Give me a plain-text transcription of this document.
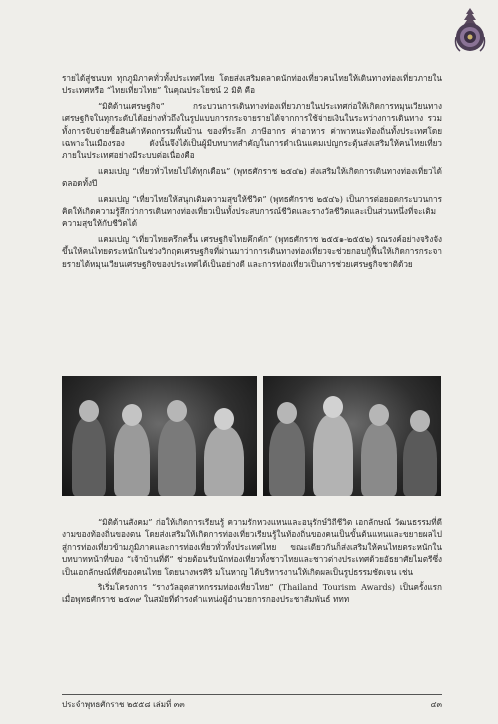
รายได้สู่ชนบท ทุกภูมิภาคทั่วทั้งประเทศไทย โดยส่งเสริมตลาดนักท่องเที่ยวคนไทยให้เดินทางท่องเที่ยวภายในประเทศหรือ “ไทยเที่ยวไทย” ในคุณประโยชน์ 2 มิติ คือ

“มิติด้านเศรษฐกิจ” กระบวนการเดินทางท่องเที่ยวภายในประเทศก่อให้เกิดการหมุนเวียนทางเศรษฐกิจในทุกระดับได้อย่างทั่วถึงในรูปแบบการกระจายรายได้จากการใช้จ่ายเงินในระหว่างการเดินทาง รวมทั้งการจับจ่ายซื้อสินค้าหัตถกรรมพื้นบ้าน ของที่ระลึก ภาษีอากร ค่าอาหาร ค่าพาหนะท้องถิ่นทั้งประเทศโดยเฉพาะในเมืองรอง ดังนั้นจึงได้เป็นผู้มีบทบาทสำคัญในการดำเนินแคมเปญกระตุ้นส่งเสริมให้คนไทยเที่ยวภายในประเทศอย่างมีระบบต่อเนื่องคือ

แคมเปญ “เที่ยวทั่วไทยไปได้ทุกเดือน” (พุทธศักราช ๒๕๔๒) ส่งเสริมให้เกิดการเดินทางท่องเที่ยวได้ตลอดทั้งปี

แคมเปญ “เที่ยวไทยให้สนุกเติมความสุขให้ชีวิต” (พุทธศักราช ๒๕๔๖) เป็นการต่อยอดกระบวนการคิดให้เกิดความรู้สึกว่าการเดินทางท่องเที่ยวเป็นทั้งประสบการณ์ชีวิตและรางวัลชีวิตและเป็นส่วนหนึ่งที่จะเติมความสุขให้กับชีวิตได้

แคมเปญ “เที่ยวไทยครึกครื้น เศรษฐกิจไทยคึกคัก” (พุทธศักราช ๒๕๕๑-๒๕๕๒) รณรงค์อย่างจริงจังขึ้นให้คนไทยตระหนักในช่วงวิกฤตเศรษฐกิจที่ผ่านมาว่าการเดินทางท่องเที่ยวจะช่วยกอบกู้ฟื้นให้เกิดการกระจายรายได้หมุนเวียนเศรษฐกิจของประเทศได้เป็นอย่างดี และการท่องเที่ยวเป็นการช่วยเศรษฐกิจชาติด้วย

“มิติด้านสังคม” ก่อให้เกิดการเรียนรู้ ความรักหวงแหนและอนุรักษ์วิถีชีวิต เอกลักษณ์ วัฒนธรรมที่ดีงามของท้องถิ่นของตน โดยส่งเสริมให้เกิดการท่องเที่ยวเรียนรู้ในท้องถิ่นของคนเป็นขั้นต้นแทนและขยายผลไปสู่การท่องเที่ยวข้ามภูมิภาคและการท่องเที่ยวทั่วทั้งประเทศไทย ขณะเดียวกันก็ส่งเสริมให้คนไทยตระหนักในบทบาทหน้าที่ของ “เจ้าบ้านที่ดี” ช่วยต้อนรับนักท่องเที่ยวทั้งชาวไทยและชาวต่างประเทศด้วยอัธยาศัยไมตรีซึ่งเป็นเอกลักษณ์ที่ดีของคนไทย โดยนางพรศิริ มโนหาญ ได้บริหารงานให้เกิดผลเป็นรูปธรรมชัดเจน เช่น

ริเริ่มโครงการ “รางวัลอุตสาหกรรมท่องเที่ยวไทย” (Thailand Tourism Awards) เป็นครั้งแรก เมื่อพุทธศักราช ๒๕๓๙ ในสมัยที่ดำรงตำแหน่งผู้อำนวยการกองประชาสัมพันธ์ ททท

ประจำพุทธศักราช ๒๕๕๘ เล่มที่ ๓๓	๔๓
